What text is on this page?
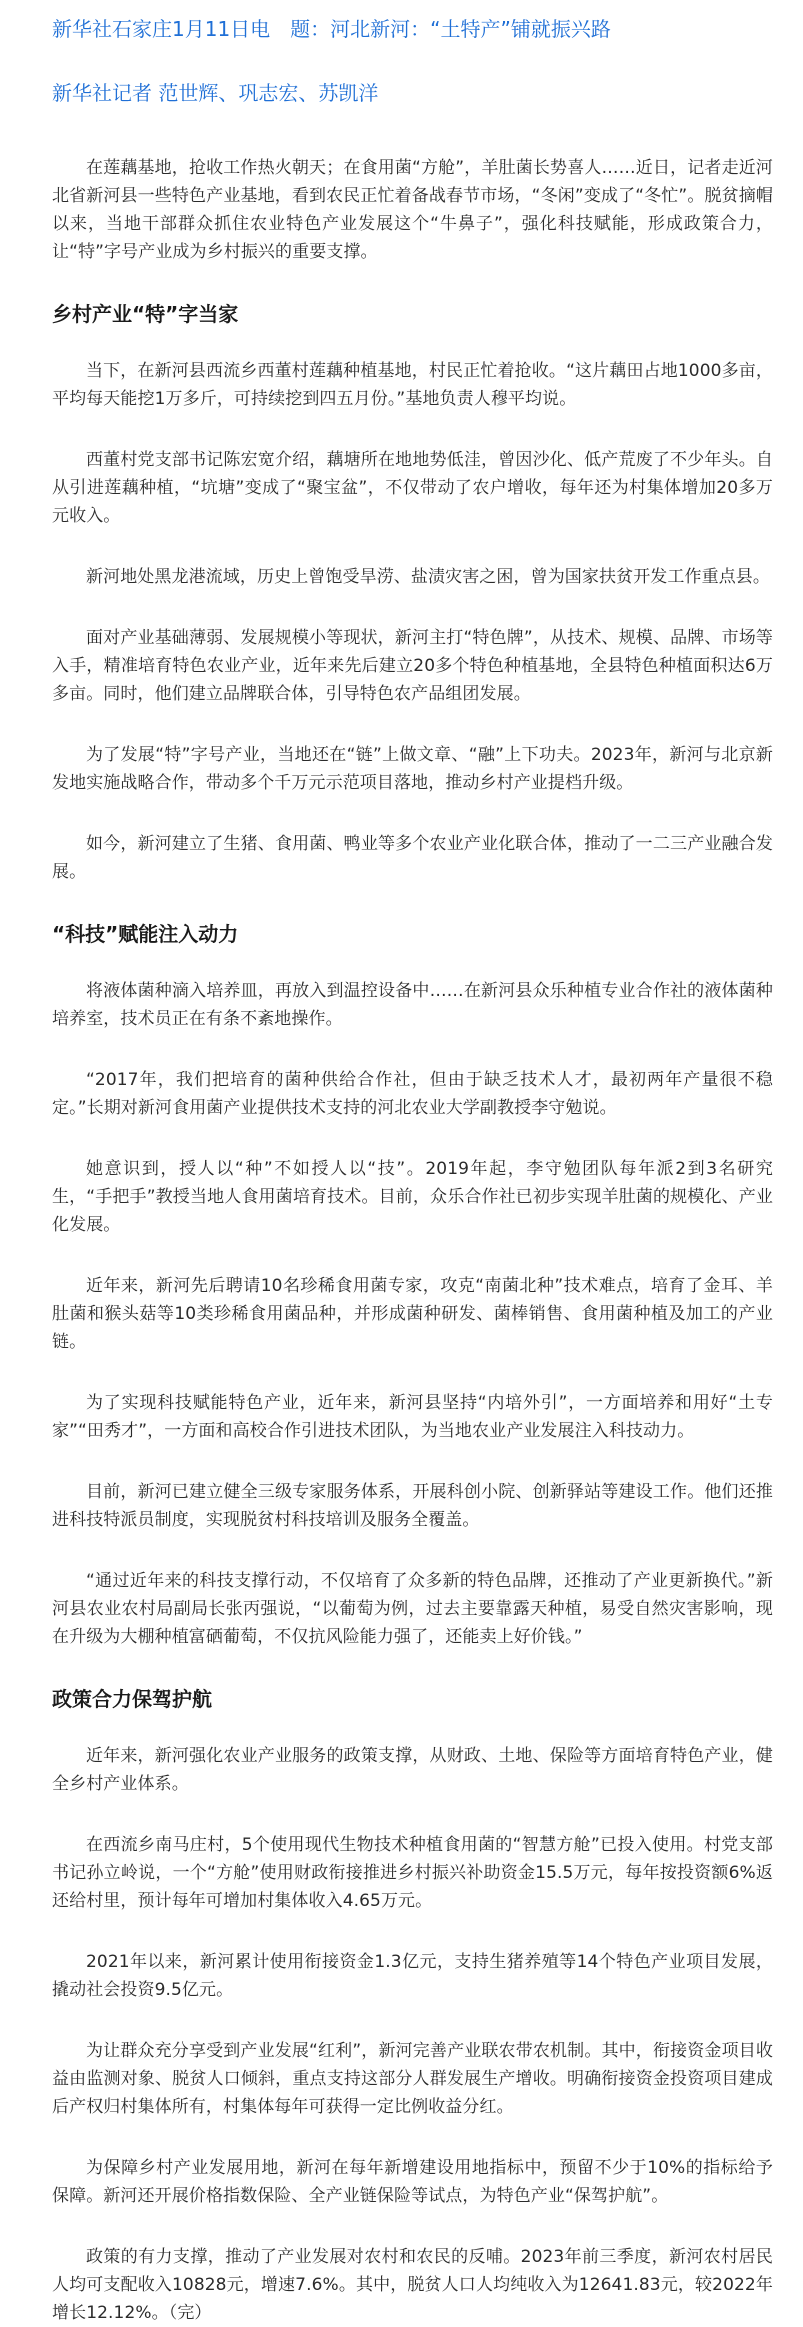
新华社石家庄1月11日电　题：河北新河：“土特产”铺就振兴路
新华社记者 范世辉、巩志宏、苏凯洋

在莲藕基地，抢收工作热火朝天；在食用菌“方舱”，羊肚菌长势喜人……近日，记者走近河北省新河县一些特色产业基地，看到农民正忙着备战春节市场，“冬闲”变成了“冬忙”。脱贫摘帽以来，当地干部群众抓住农业特色产业发展这个“牛鼻子”，强化科技赋能，形成政策合力，让“特”字号产业成为乡村振兴的重要支撑。

乡村产业“特”字当家

当下，在新河县西流乡西董村莲藕种植基地，村民正忙着抢收。“这片藕田占地1000多亩，平均每天能挖1万多斤，可持续挖到四五月份。”基地负责人穆平均说。

西董村党支部书记陈宏宽介绍，藕塘所在地地势低洼，曾因沙化、低产荒废了不少年头。自从引进莲藕种植，“坑塘”变成了“聚宝盆”，不仅带动了农户增收，每年还为村集体增加20多万元收入。

新河地处黑龙港流域，历史上曾饱受旱涝、盐渍灾害之困，曾为国家扶贫开发工作重点县。

面对产业基础薄弱、发展规模小等现状，新河主打“特色牌”，从技术、规模、品牌、市场等入手，精准培育特色农业产业，近年来先后建立20多个特色种植基地，全县特色种植面积达6万多亩。同时，他们建立品牌联合体，引导特色农产品组团发展。

为了发展“特”字号产业，当地还在“链”上做文章、“融”上下功夫。2023年，新河与北京新发地实施战略合作，带动多个千万元示范项目落地，推动乡村产业提档升级。

如今，新河建立了生猪、食用菌、鸭业等多个农业产业化联合体，推动了一二三产业融合发展。

“科技”赋能注入动力

将液体菌种滴入培养皿，再放入到温控设备中……在新河县众乐种植专业合作社的液体菌种培养室，技术员正在有条不紊地操作。

“2017年，我们把培育的菌种供给合作社，但由于缺乏技术人才，最初两年产量很不稳定。”长期对新河食用菌产业提供技术支持的河北农业大学副教授李守勉说。

她意识到，授人以“种”不如授人以“技”。2019年起，李守勉团队每年派2到3名研究生，“手把手”教授当地人食用菌培育技术。目前，众乐合作社已初步实现羊肚菌的规模化、产业化发展。

近年来，新河先后聘请10名珍稀食用菌专家，攻克“南菌北种”技术难点，培育了金耳、羊肚菌和猴头菇等10类珍稀食用菌品种，并形成菌种研发、菌棒销售、食用菌种植及加工的产业链。

为了实现科技赋能特色产业，近年来，新河县坚持“内培外引”，一方面培养和用好“土专家”“田秀才”，一方面和高校合作引进技术团队，为当地农业产业发展注入科技动力。

目前，新河已建立健全三级专家服务体系，开展科创小院、创新驿站等建设工作。他们还推进科技特派员制度，实现脱贫村科技培训及服务全覆盖。

“通过近年来的科技支撑行动，不仅培育了众多新的特色品牌，还推动了产业更新换代。”新河县农业农村局副局长张丙强说，“以葡萄为例，过去主要靠露天种植，易受自然灾害影响，现在升级为大棚种植富硒葡萄，不仅抗风险能力强了，还能卖上好价钱。”

政策合力保驾护航

近年来，新河强化农业产业服务的政策支撑，从财政、土地、保险等方面培育特色产业，健全乡村产业体系。

在西流乡南马庄村，5个使用现代生物技术种植食用菌的“智慧方舱”已投入使用。村党支部书记孙立岭说，一个“方舱”使用财政衔接推进乡村振兴补助资金15.5万元，每年按投资额6%返还给村里，预计每年可增加村集体收入4.65万元。

2021年以来，新河累计使用衔接资金1.3亿元，支持生猪养殖等14个特色产业项目发展，撬动社会投资9.5亿元。

为让群众充分享受到产业发展“红利”，新河完善产业联农带农机制。其中，衔接资金项目收益由监测对象、脱贫人口倾斜，重点支持这部分人群发展生产增收。明确衔接资金投资项目建成后产权归村集体所有，村集体每年可获得一定比例收益分红。

为保障乡村产业发展用地，新河在每年新增建设用地指标中，预留不少于10%的指标给予保障。新河还开展价格指数保险、全产业链保险等试点，为特色产业“保驾护航”。

政策的有力支撑，推动了产业发展对农村和农民的反哺。2023年前三季度，新河农村居民人均可支配收入10828元，增速7.6%。其中，脱贫人口人均纯收入为12641.83元，较2022年增长12.12%。（完）
